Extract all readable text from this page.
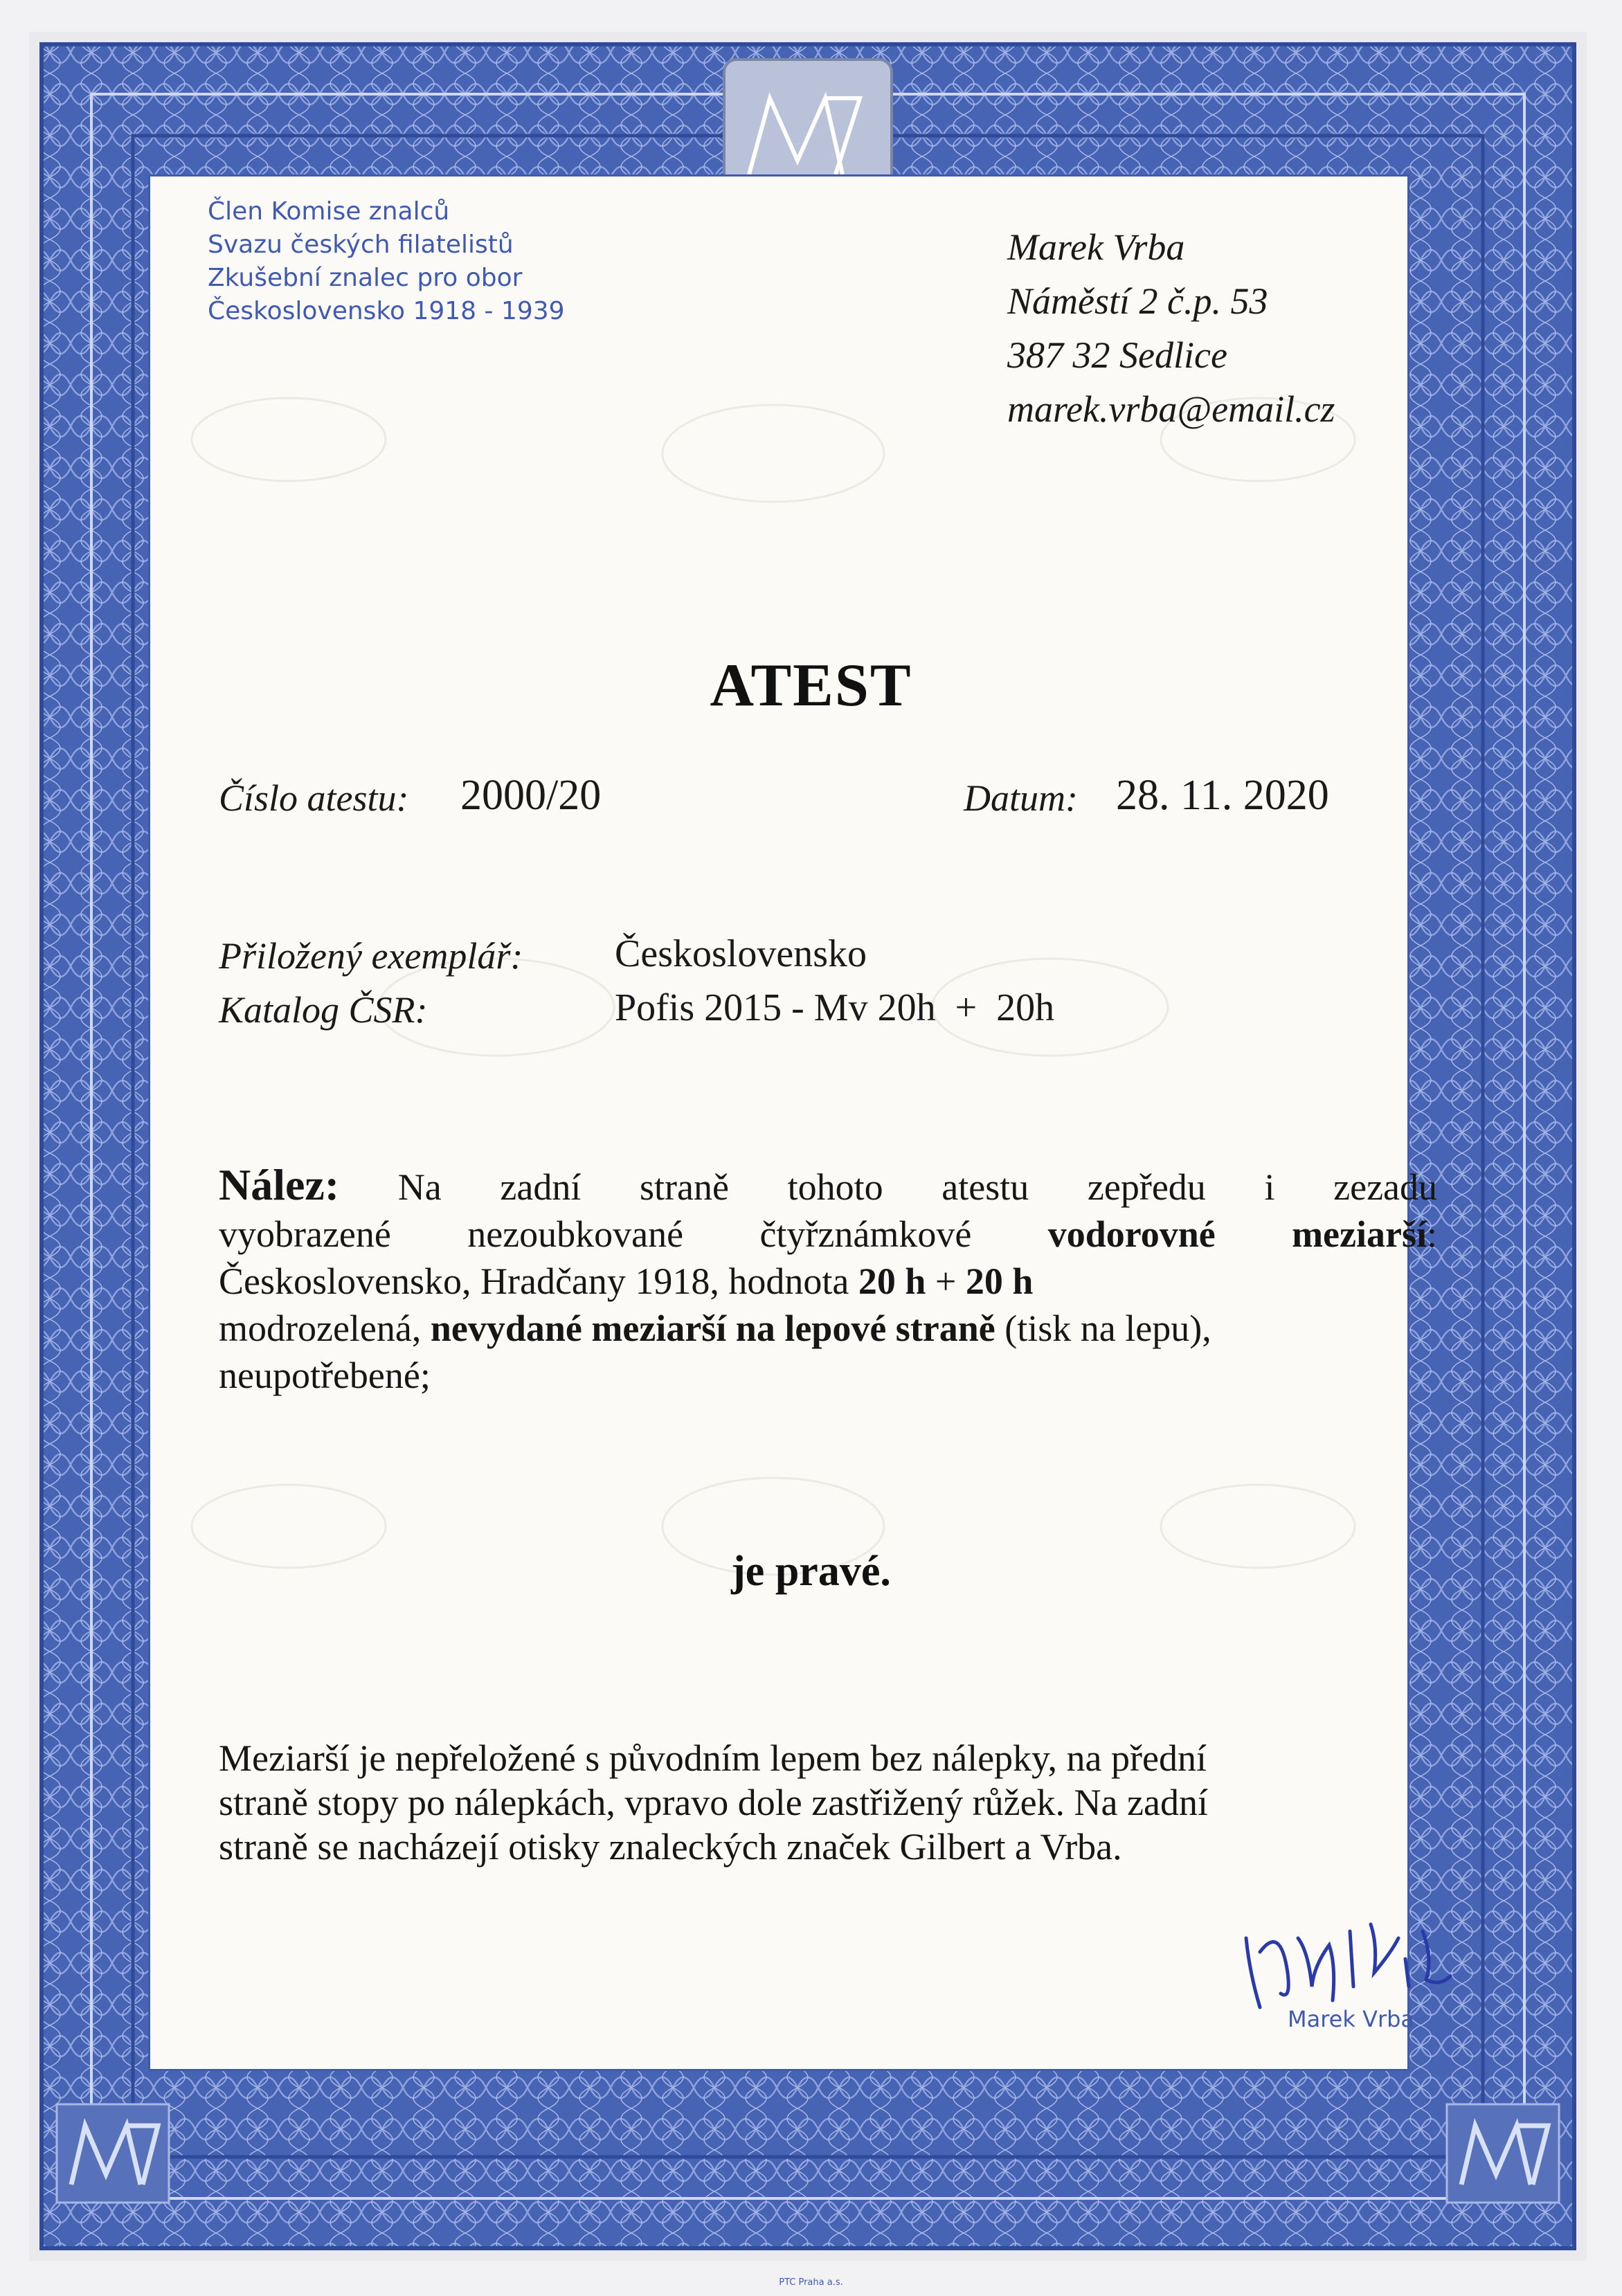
MV
Člen Komise znalců
Svazu českých filatelistů
Zkušební znalec pro obor
Československo 1918 - 1939
Marek Vrba
Náměstí 2 č.p. 53
387 32 Sedlice
marek.vrba@email.cz
ATEST
Číslo atestu: 2000/20	Datum: 28. 11. 2020
Přiložený exemplář: Československo
Katalog ČSR:	Pofis 2015 - Mv 20h  +  20h
Nález: Na zadní straně tohoto atestu zepředu i zezadu
vyobrazené nezoubkované čtyřznámkové vodorovné meziarší:
Československo, Hradčany 1918, hodnota 20 h + 20 h
modrozelená, nevydané meziarší na lepové straně (tisk na lepu),
neupotřebené;
je pravé.
Meziarší je nepřeložené s původním lepem bez nálepky, na přední
straně stopy po nálepkách, vpravo dole zastřižený růžek. Na zadní
straně se nacházejí otisky znaleckých značek Gilbert a Vrba.
Marek Vrba
PTC Praha a.s.
